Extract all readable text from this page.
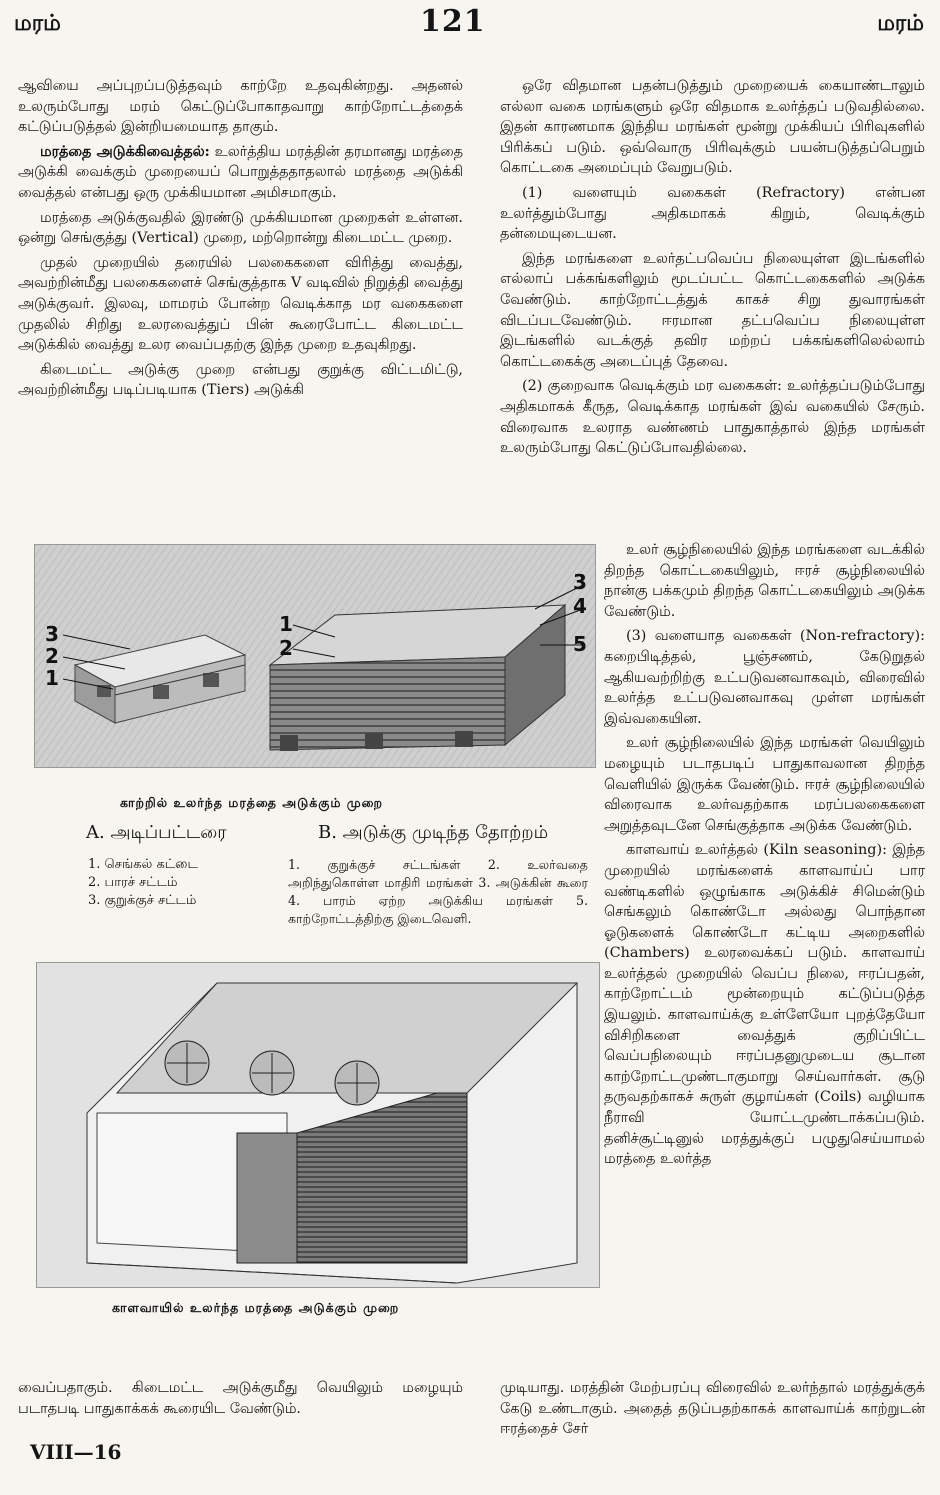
மரம்	121	மரம்

ஆவியை அப்புறப்படுத்தவும் காற்றே உதவுகின்றது. அதனல் உலரும்போது மரம் கெட்டுப்போகாதவாறு காற்றோட்டத்தைக் கட்டுப்படுத்தல் இன்றியமையாத தாகும்.

மரத்தை அடுக்கிவைத்தல்: உலர்த்திய மரத்தின் தரமானது மரத்தை அடுக்கி வைக்கும் முறையைப் பொறுத்ததாதலால் மரத்தை அடுக்கி வைத்தல் என்பது ஒரு முக்கியமான அமிசமாகும்.

மரத்தை அடுக்குவதில் இரண்டு முக்கியமான முறைகள் உள்ளன. ஒன்று செங்குத்து (Vertical) முறை, மற்றொன்று கிடைமட்ட முறை.

முதல் முறையில் தரையில் பலகைகளை விரித்து வைத்து, அவற்றின்மீது பலகைகளைச் செங்குத்தாக V வடிவில் நிறுத்தி வைத்து அடுக்குவர். இலவு, மாமரம் போன்ற வெடிக்காத மர வகைகளை முதலில் சிறிது உலரவைத்துப் பின் கூரைபோட்ட கிடைமட்ட அடுக்கில் வைத்து உலர வைப்பதற்கு இந்த முறை உதவுகிறது.

கிடைமட்ட அடுக்கு முறை என்பது குறுக்கு விட்டமிட்டு, அவற்றின்மீது படிப்படியாக (Tiers) அடுக்கி

ஒரே விதமான பதன்படுத்தும் முறையைக் கையாண்டாலும் எல்லா வகை மரங்களும் ஒரே விதமாக உலர்த்தப் படுவதில்லை. இதன் காரணமாக இந்திய மரங்கள் மூன்று முக்கியப் பிரிவுகளில் பிரிக்கப் படும். ஒவ்வொரு பிரிவுக்கும் பயன்படுத்தப்பெறும் கொட்டகை அமைப்பும் வேறுபடும்.

(1) வளையும் வகைகள் (Refractory) என்பன உலர்த்தும்போது அதிகமாகக் கிறும், வெடிக்கும் தன்மையுடையன.

இந்த மரங்களை உலர்தட்பவெப்ப நிலையுள்ள இடங்களில் எல்லாப் பக்கங்களிலும் மூடப்பட்ட கொட்டகைகளில் அடுக்க வேண்டும். காற்றோட்டத்துக் காகச் சிறு துவாரங்கள் விடப்படவேண்டும். ஈரமான தட்பவெப்ப நிலையுள்ள இடங்களில் வடக்குத் தவிர மற்றப் பக்கங்களிலெல்லாம் கொட்டகைக்கு அடைப்புத் தேவை.

(2) குறைவாக வெடிக்கும் மர வகைகள்: உலர்த்தப்படும்போது அதிகமாகக் கீருத, வெடிக்காத மரங்கள் இவ் வகையில் சேரும். விரைவாக உலராத வண்ணம் பாதுகாத்தால் இந்த மரங்கள் உலரும்போது கெட்டுப்போவதில்லை.

3
2
1
1
2
3
4
5
காற்றில் உலர்ந்த மரத்தை அடுக்கும் முறை
A. அடிப்பட்டரை	B. அடுக்கு முடிந்த தோற்றம்
1. செங்கல் கட்டை
2. பாரச் சட்டம்
3. குறுக்குச் சட்டம்
1. குறுக்குச் சட்டங்கள் 2. உலர்வதை அறிந்துகொள்ள மாதிரி மரங்கள் 3. அடுக்கின் கூரை 4. பாரம் ஏற்ற அடுக்கிய மரங்கள் 5. காற்றோட்டத்திற்கு இடைவெளி.

உலர் சூழ்நிலையில் இந்த மரங்களை வடக்கில் திறந்த கொட்டகையிலும், ஈரச் சூழ்நிலையில் நான்கு பக்கமும் திறந்த கொட்டகையிலும் அடுக்க வேண்டும்.

(3) வளையாத வகைகள் (Non-refractory): கறைபிடித்தல், பூஞ்சணம், கேடுறுதல் ஆகியவற்றிற்கு உட்படுவனவாகவும், விரைவில் உலர்த்த உட்படுவனவாகவு முள்ள மரங்கள் இவ்வகையின.

உலர் சூழ்நிலையில் இந்த மரங்கள் வெயிலும் மழையும் படாதபடிப் பாதுகாவலான திறந்த வெளியில் இருக்க வேண்டும். ஈரச் சூழ்நிலையில் விரைவாக உலர்வதற்காக மரப்பலகைகளை அறுத்தவுடனே செங்குத்தாக அடுக்க வேண்டும்.

காளவாய் உலர்த்தல் (Kiln seasoning): இந்த முறையில் மரங்களைக் காளவாய்ப் பார வண்டிகளில் ஒழுங்காக அடுக்கிச் சிமென்டும் செங்கலும் கொண்டோ அல்லது பொந்தான ஓடுகளைக் கொண்டோ கட்டிய அறைகளில் (Chambers) உலரவைக்கப் படும். காளவாய் உலர்த்தல் முறையில் வெப்ப நிலை, ஈரப்பதன், காற்றோட்டம் மூன்றையும் கட்டுப்படுத்த இயலும். காளவாய்க்கு உள்ளேயோ புறத்தேயோ விசிறிகளை வைத்துக் குறிப்பிட்ட வெப்பநிலையும் ஈரப்பதனுமுடைய சூடான காற்றோட்டமுண்டாகுமாறு செய்வார்கள். சூடு தருவதற்காகச் சுருள் குழாய்கள் (Coils) வழியாக நீராவி யோட்டமுண்டாக்கப்படும். தனிச்சூட்டினுல் மரத்துக்குப் பழுதுசெய்யாமல் மரத்தை உலர்த்த

காளவாயில் உலர்ந்த மரத்தை அடுக்கும் முறை

வைப்பதாகும். கிடைமட்ட அடுக்குமீது வெயிலும் மழையும் படாதபடி பாதுகாக்கக் கூரையிட வேண்டும்.

முடியாது. மரத்தின் மேற்பரப்பு விரைவில் உலர்ந்தால் மரத்துக்குக் கேடு உண்டாகும். அதைத் தடுப்பதற்காகக் காளவாய்க் காற்றுடன் ஈரத்தைச் சேர்

VIII—16
